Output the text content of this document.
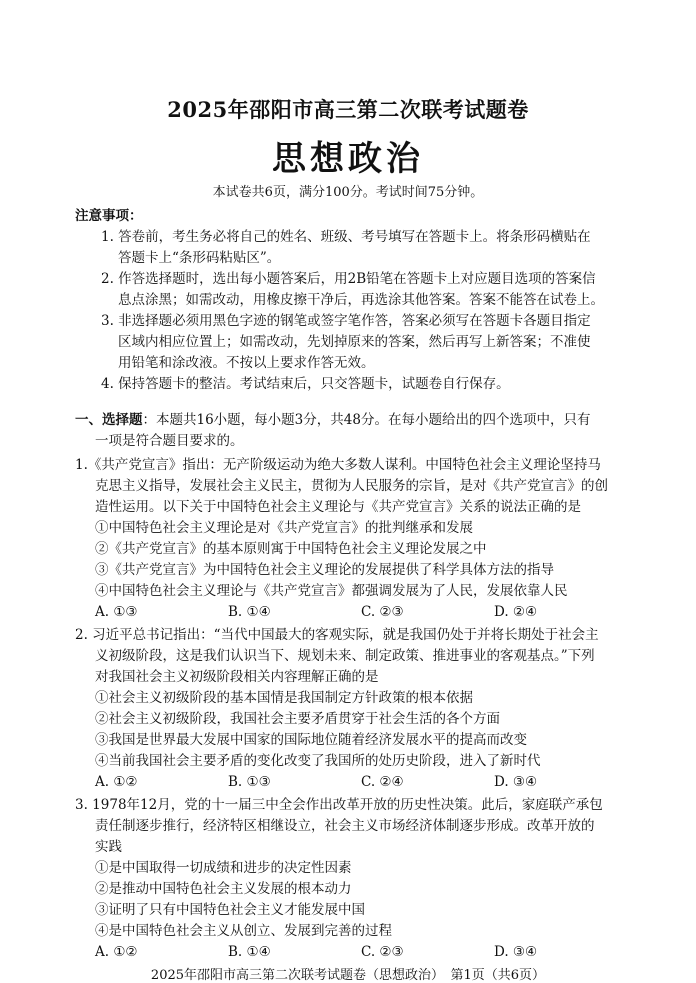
2025年邵阳市高三第二次联考试题卷
思想政治
本试卷共6页，满分100分。考试时间75分钟。
注意事项：
1. 答卷前，考生务必将自己的姓名、班级、考号填写在答题卡上。将条形码横贴在
答题卡上“条形码粘贴区”。
2. 作答选择题时，选出每小题答案后，用2B铅笔在答题卡上对应题目选项的答案信
息点涂黑；如需改动，用橡皮擦干净后，再选涂其他答案。答案不能答在试卷上。
3. 非选择题必须用黑色字迹的钢笔或签字笔作答，答案必须写在答题卡各题目指定
区域内相应位置上；如需改动，先划掉原来的答案，然后再写上新答案；不准使
用铅笔和涂改液。不按以上要求作答无效。
4. 保持答题卡的整洁。考试结束后，只交答题卡，试题卷自行保存。
一、选择题：本题共16小题，每小题3分，共48分。在每小题给出的四个选项中，只有
一项是符合题目要求的。
1.《共产党宣言》指出：无产阶级运动为绝大多数人谋利。中国特色社会主义理论坚持马
克思主义指导，发展社会主义民主，贯彻为人民服务的宗旨，是对《共产党宣言》的创
造性运用。以下关于中国特色社会主义理论与《共产党宣言》关系的说法正确的是
①中国特色社会主义理论是对《共产党宣言》的批判继承和发展
②《共产党宣言》的基本原则寓于中国特色社会主义理论发展之中
③《共产党宣言》为中国特色社会主义理论的发展提供了科学具体方法的指导
④中国特色社会主义理论与《共产党宣言》都强调发展为了人民，发展依靠人民
A. ①③	B. ①④	C. ②③	D. ②④
2. 习近平总书记指出：“当代中国最大的客观实际，就是我国仍处于并将长期处于社会主
义初级阶段，这是我们认识当下、规划未来、制定政策、推进事业的客观基点。”下列
对我国社会主义初级阶段相关内容理解正确的是
①社会主义初级阶段的基本国情是我国制定方针政策的根本依据
②社会主义初级阶段，我国社会主要矛盾贯穿于社会生活的各个方面
③我国是世界最大发展中国家的国际地位随着经济发展水平的提高而改变
④当前我国社会主要矛盾的变化改变了我国所的处历史阶段，进入了新时代
A. ①②	B. ①③	C. ②④	D. ③④
3. 1978年12月，党的十一届三中全会作出改革开放的历史性决策。此后，家庭联产承包
责任制逐步推行，经济特区相继设立，社会主义市场经济体制逐步形成。改革开放的
实践
①是中国取得一切成绩和进步的决定性因素
②是推动中国特色社会主义发展的根本动力
③证明了只有中国特色社会主义才能发展中国
④是中国特色社会主义从创立、发展到完善的过程
A. ①②	B. ①④	C. ②③	D. ③④
2025年邵阳市高三第二次联考试题卷（思想政治）　第1页（共6页）
